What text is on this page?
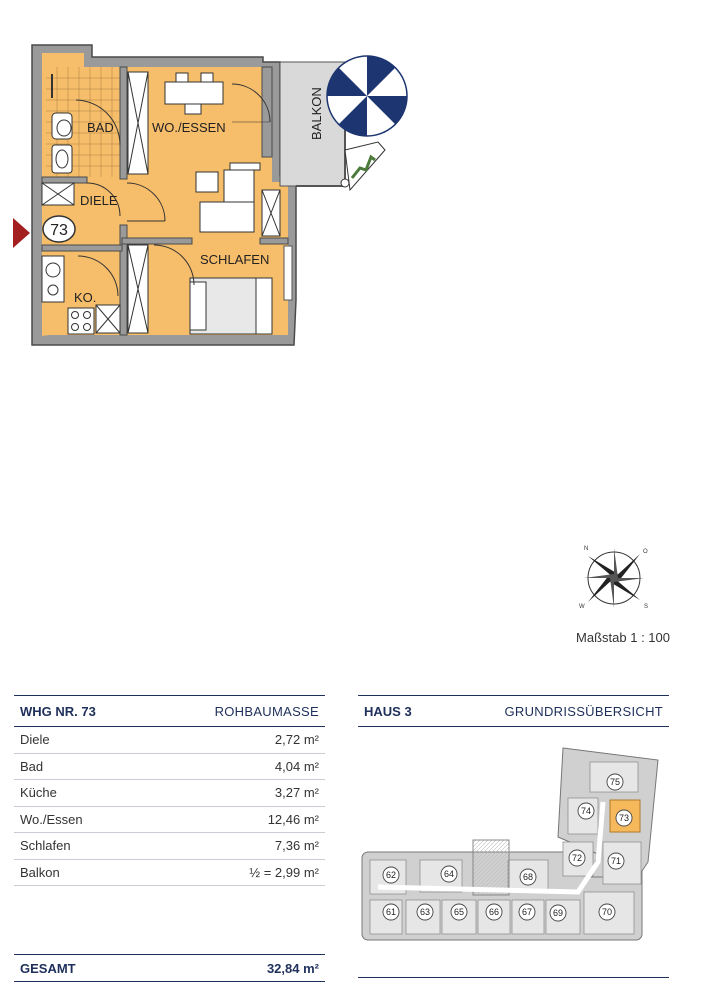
73
BAD	WO./ESSEN
DIELE
SCHLAFEN
KO.
BALKON
N	O
S
W
Maßstab 1 : 100
WHG NR. 73	ROHBAUMASSE
Diele	2,72 m²
Bad	4,04 m²
Küche	3,27 m²
Wo./Essen	12,46 m²
Schlafen	7,36 m²
Balkon	½ = 2,99 m²
GESAMT	32,84 m²
HAUS 3	GRUNDRISSÜBERSICHT
75
74
73
72	71
62	64	68
61	63	65	66	67 69	70
